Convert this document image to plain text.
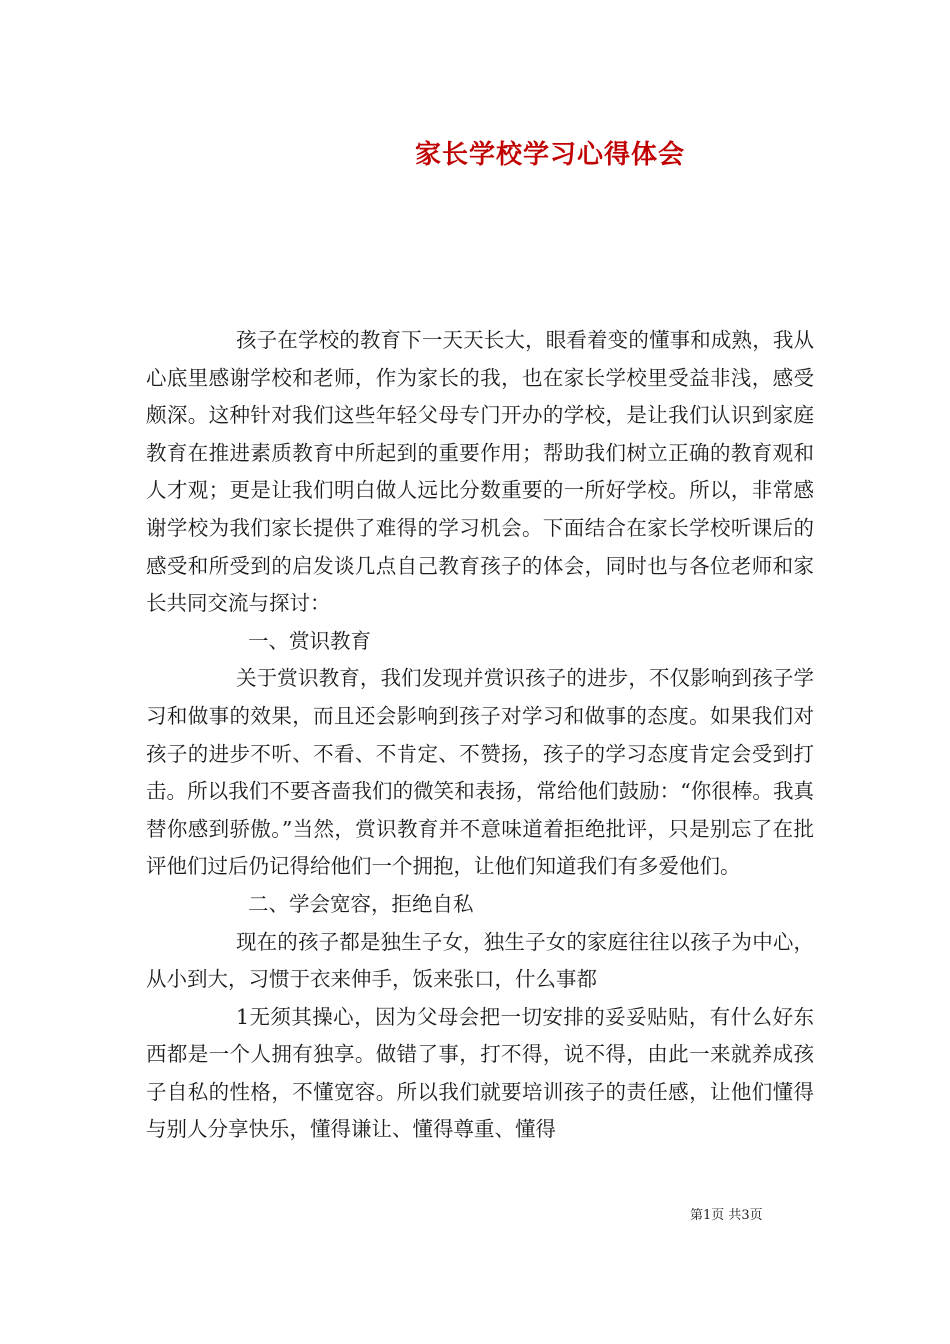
家长学校学习心得体会

孩子在学校的教育下一天天长大，眼看着变的懂事和成熟，我从心底里感谢学校和老师，作为家长的我，也在家长学校里受益非浅，感受颇深。这种针对我们这些年轻父母专门开办的学校，是让我们认识到家庭教育在推进素质教育中所起到的重要作用；帮助我们树立正确的教育观和人才观；更是让我们明白做人远比分数重要的一所好学校。所以，非常感谢学校为我们家长提供了难得的学习机会。下面结合在家长学校听课后的感受和所受到的启发谈几点自己教育孩子的体会，同时也与各位老师和家长共同交流与探讨：

一、赏识教育

关于赏识教育，我们发现并赏识孩子的进步，不仅影响到孩子学习和做事的效果，而且还会影响到孩子对学习和做事的态度。如果我们对孩子的进步不听、不看、不肯定、不赞扬，孩子的学习态度肯定会受到打击。所以我们不要吝啬我们的微笑和表扬，常给他们鼓励：“你很棒。我真替你感到骄傲。”当然，赏识教育并不意味道着拒绝批评，只是别忘了在批评他们过后仍记得给他们一个拥抱，让他们知道我们有多爱他们。

二、学会宽容，拒绝自私

现在的孩子都是独生子女，独生子女的家庭往往以孩子为中心，从小到大，习惯于衣来伸手，饭来张口，什么事都

1无须其操心，因为父母会把一切安排的妥妥贴贴，有什么好东西都是一个人拥有独享。做错了事，打不得，说不得，由此一来就养成孩子自私的性格，不懂宽容。所以我们就要培训孩子的责任感，让他们懂得与别人分享快乐，懂得谦让、懂得尊重、懂得

第1页 共3页
